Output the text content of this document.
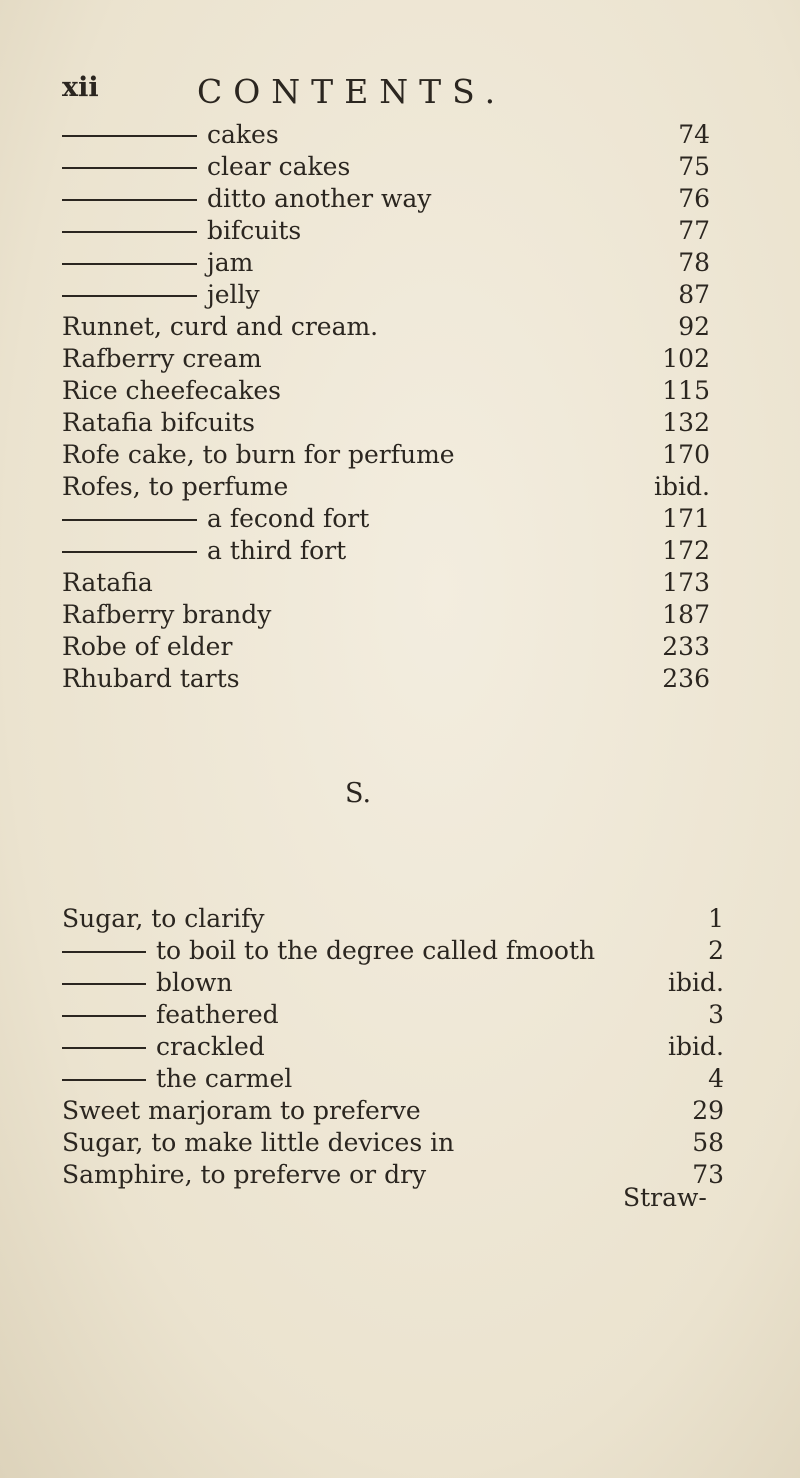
xii	CONTENTS.
cakes	74
clear cakes	75
ditto another way	76
bifcuits	77
jam	78
jelly	87
Runnet, curd and cream.	92
Rafberry cream	102
Rice cheefecakes	115
Ratafia bifcuits	132
Rofe cake, to burn for perfume	170
Rofes, to perfume	ibid.
a fecond fort	171
a third fort	172
Ratafia	173
Rafberry brandy	187
Robe of elder	233
Rhubard tarts	236
S.
Sugar, to clarify	1
to boil to the degree called fmooth	2
blown	ibid.
feathered	3
crackled	ibid.
the carmel	4
Sweet marjoram to preferve	29
Sugar, to make little devices in	58
Samphire, to preferve or dry	73
Straw-
